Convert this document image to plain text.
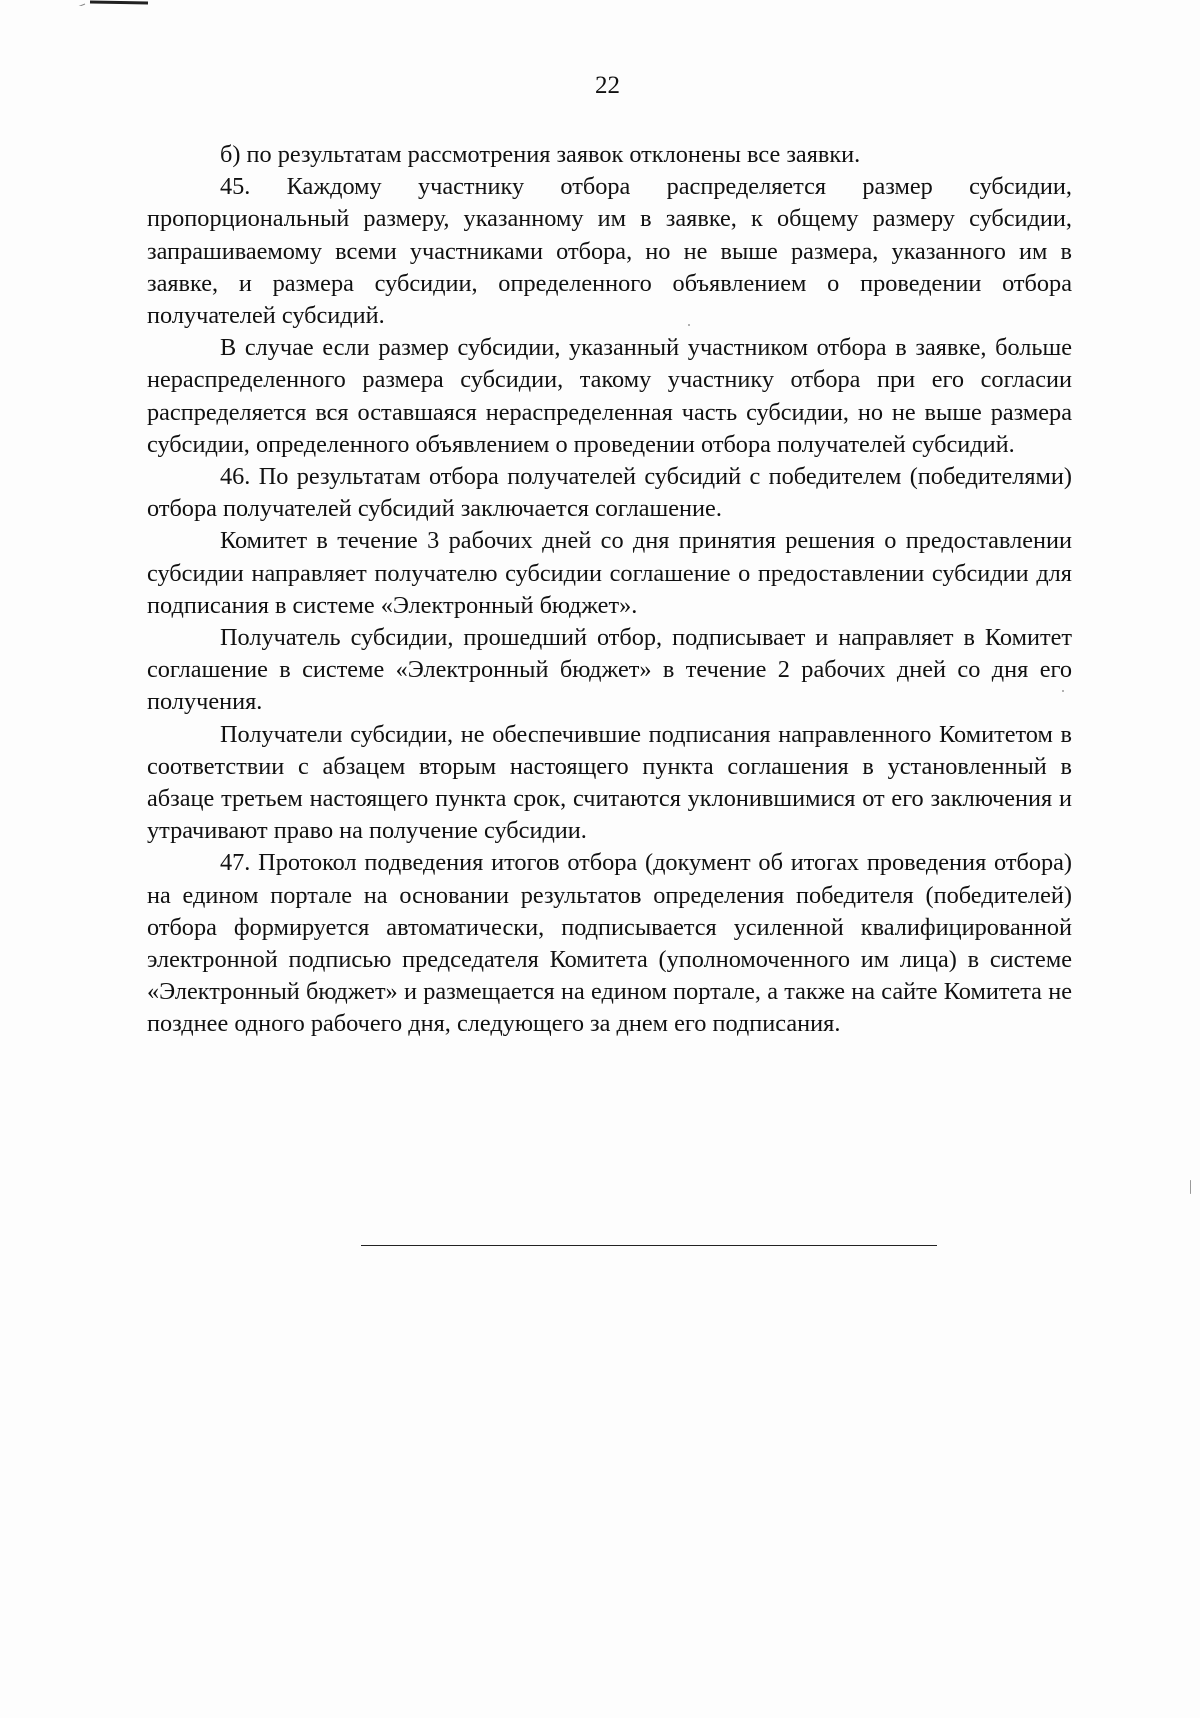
22

б) по результатам рассмотрения заявок отклонены все заявки.

45. Каждому участнику отбора распределяется размер субсидии, пропорциональный размеру, указанному им в заявке, к общему размеру субсидии, запрашиваемому всеми участниками отбора, но не выше размера, указанного им в заявке, и размера субсидии, определенного объявлением о проведении отбора получателей субсидий.

В случае если размер субсидии, указанный участником отбора в заявке, больше нераспределенного размера субсидии, такому участнику отбора при его согласии распределяется вся оставшаяся нераспределенная часть субсидии, но не выше размера субсидии, определенного объявлением о проведении отбора получателей субсидий.

46. По результатам отбора получателей субсидий с победителем (победителями) отбора получателей субсидий заключается соглашение.

Комитет в течение 3 рабочих дней со дня принятия решения о предоставлении субсидии направляет получателю субсидии соглашение о предоставлении субсидии для подписания в системе «Электронный бюджет».

Получатель субсидии, прошедший отбор, подписывает и направляет в Комитет соглашение в системе «Электронный бюджет» в течение 2 рабочих дней со дня его получения.

Получатели субсидии, не обеспечившие подписания направленного Комитетом в соответствии с абзацем вторым настоящего пункта соглашения в установленный в абзаце третьем настоящего пункта срок, считаются уклонившимися от его заключения и утрачивают право на получение субсидии.

47. Протокол подведения итогов отбора (документ об итогах проведения отбора) на едином портале на основании результатов определения победителя (победителей) отбора формируется автоматически, подписывается усиленной квалифицированной электронной подписью председателя Комитета (уполномоченного им лица) в системе «Электронный бюджет» и размещается на едином портале, а также на сайте Комитета не позднее одного рабочего дня, следующего за днем его подписания.
